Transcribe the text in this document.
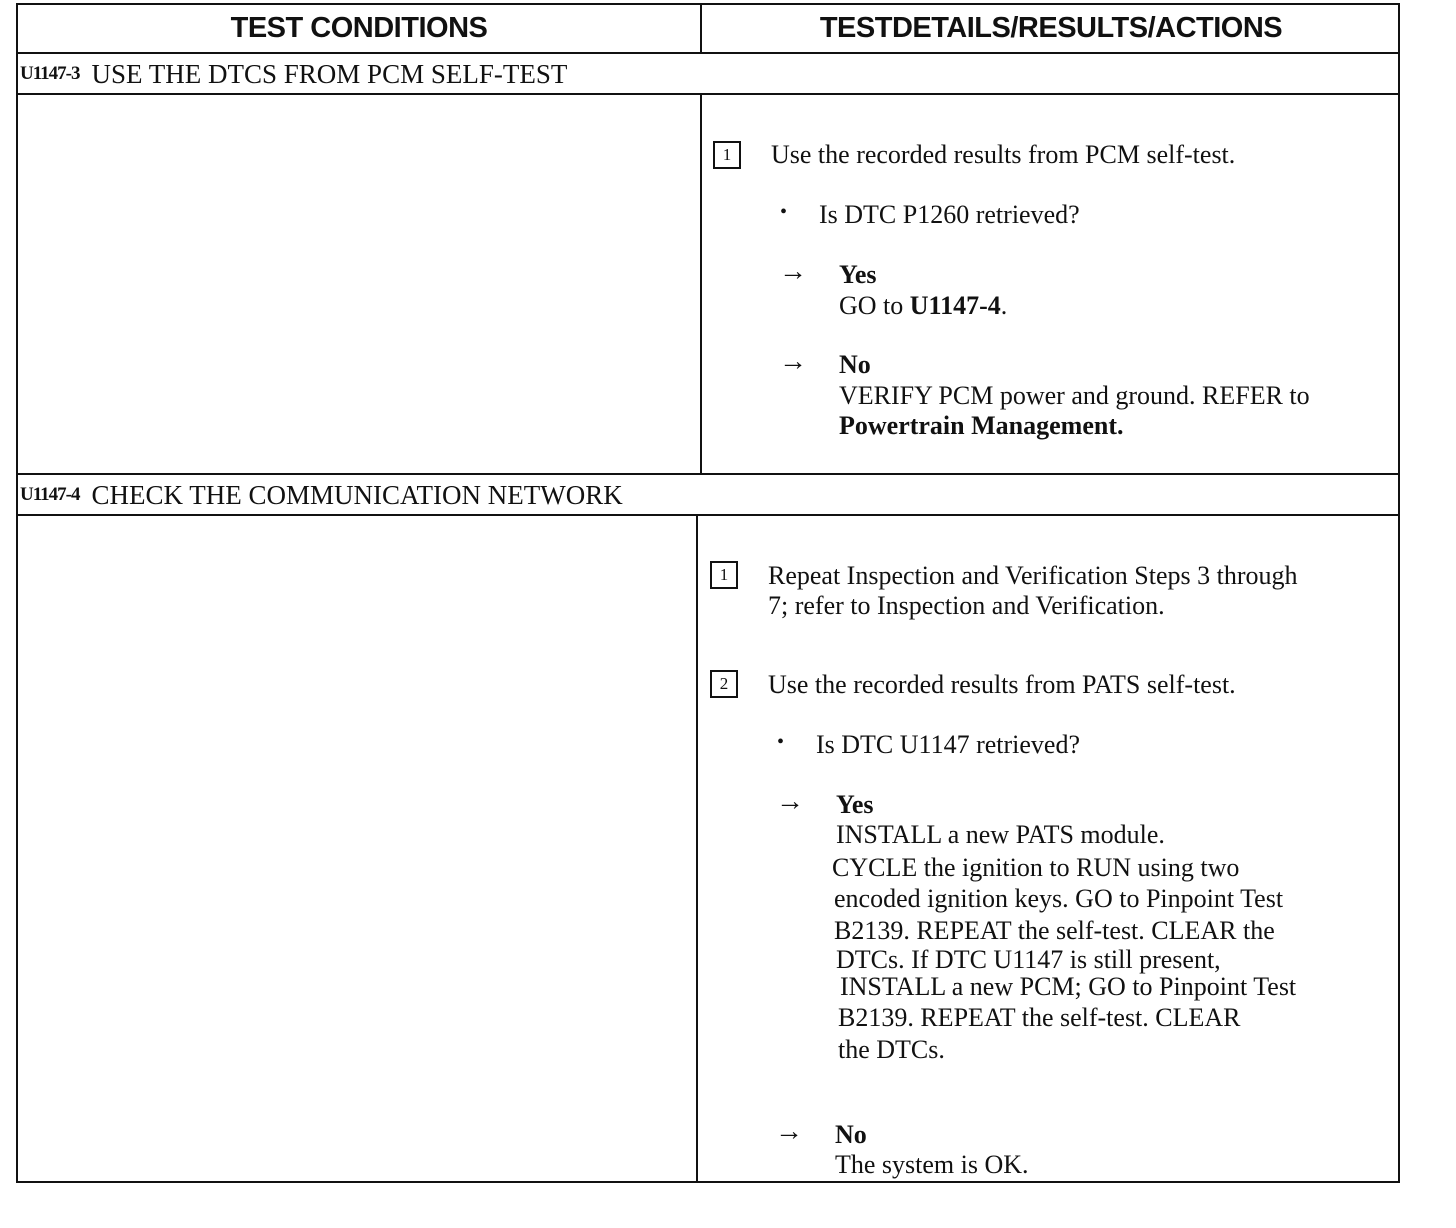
TEST CONDITIONS	TESTDETAILS/RESULTS/ACTIONS
U1147-3 USE THE DTCS FROM PCM SELF-TEST
1	Use the recorded results from PCM self-test.
• Is DTC P1260 retrieved?
→ Yes
GO to U1147-4.
→ No
VERIFY PCM power and ground. REFER to
Powertrain Management.
U1147-4 CHECK THE COMMUNICATION NETWORK
1	Repeat Inspection and Verification Steps 3 through
7; refer to Inspection and Verification.
2	Use the recorded results from PATS self-test.
• Is DTC U1147 retrieved?
→ Yes
INSTALL a new PATS module.
CYCLE the ignition to RUN using two
encoded ignition keys. GO to Pinpoint Test
B2139. REPEAT the self-test. CLEAR the
DTCs. If DTC U1147 is still present,
INSTALL a new PCM; GO to Pinpoint Test
B2139. REPEAT the self-test. CLEAR
the DTCs.
→ No
The system is OK.
